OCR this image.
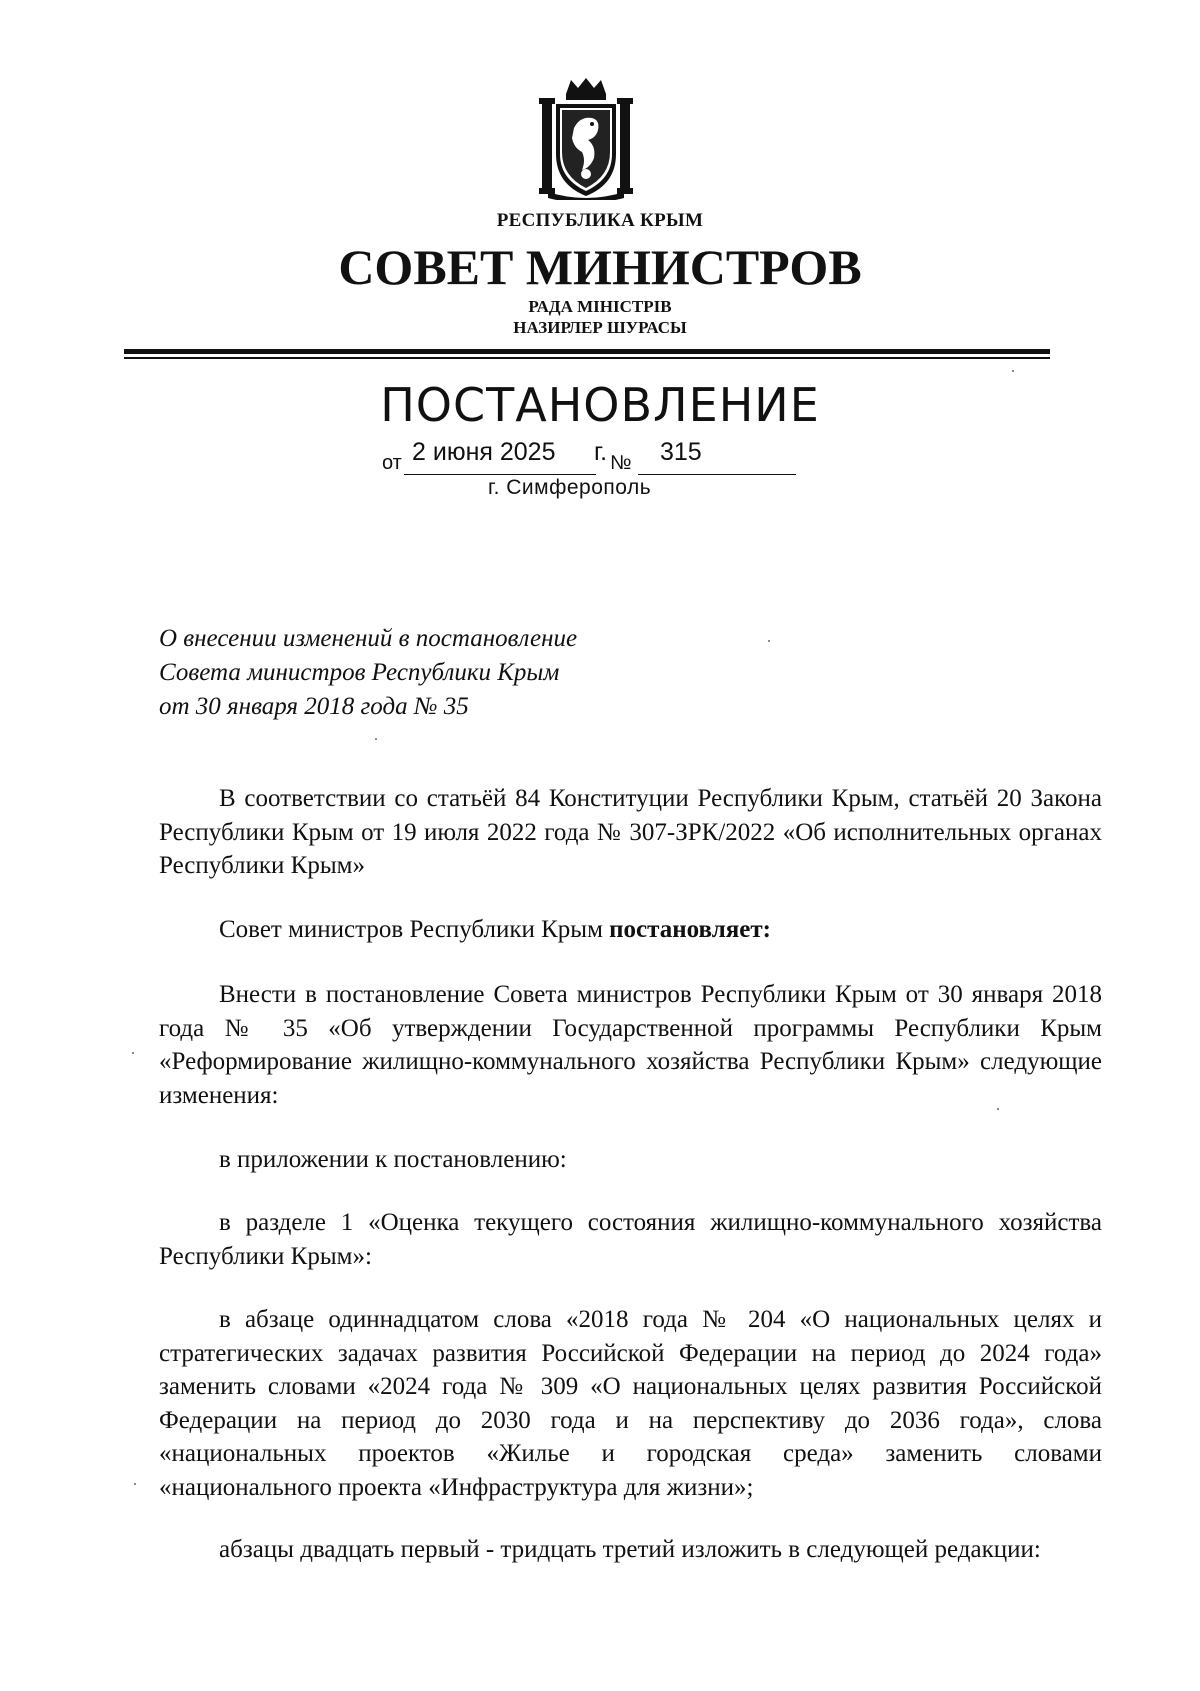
РЕСПУБЛИКА КРЫМ
СОВЕТ МИНИСТРОВ
РАДА МІНІСТРІВ
НАЗИРЛЕР ШУРАСЫ
ПОСТАНОВЛЕНИЕ
от 2 июня 2025 г. № 315
г. Симферополь
О внесении изменений в постановление
Совета министров Республики Крым
от 30 января 2018 года № 35

В соответствии со статьёй 84 Конституции Республики Крым, статьёй 20 Закона Республики Крым от 19 июля 2022 года № 307-ЗРК/2022 «Об исполнительных органах Республики Крым»

Совет министров Республики Крым постановляет:

Внести в постановление Совета министров Республики Крым от 30 января 2018 года № 35 «Об утверждении Государственной программы Республики Крым «Реформирование жилищно-коммунального хозяйства Республики Крым» следующие изменения:

в приложении к постановлению:

в разделе 1 «Оценка текущего состояния жилищно-коммунального хозяйства Республики Крым»:

в абзаце одиннадцатом слова «2018 года № 204 «О национальных целях и стратегических задачах развития Российской Федерации на период до 2024 года» заменить словами «2024 года № 309 «О национальных целях развития Российской Федерации на период до 2030 года и на перспективу до 2036 года», слова «национальных проектов «Жилье и городская среда» заменить словами «национального проекта «Инфраструктура для жизни»;

абзацы двадцать первый - тридцать третий изложить в следующей редакции:
